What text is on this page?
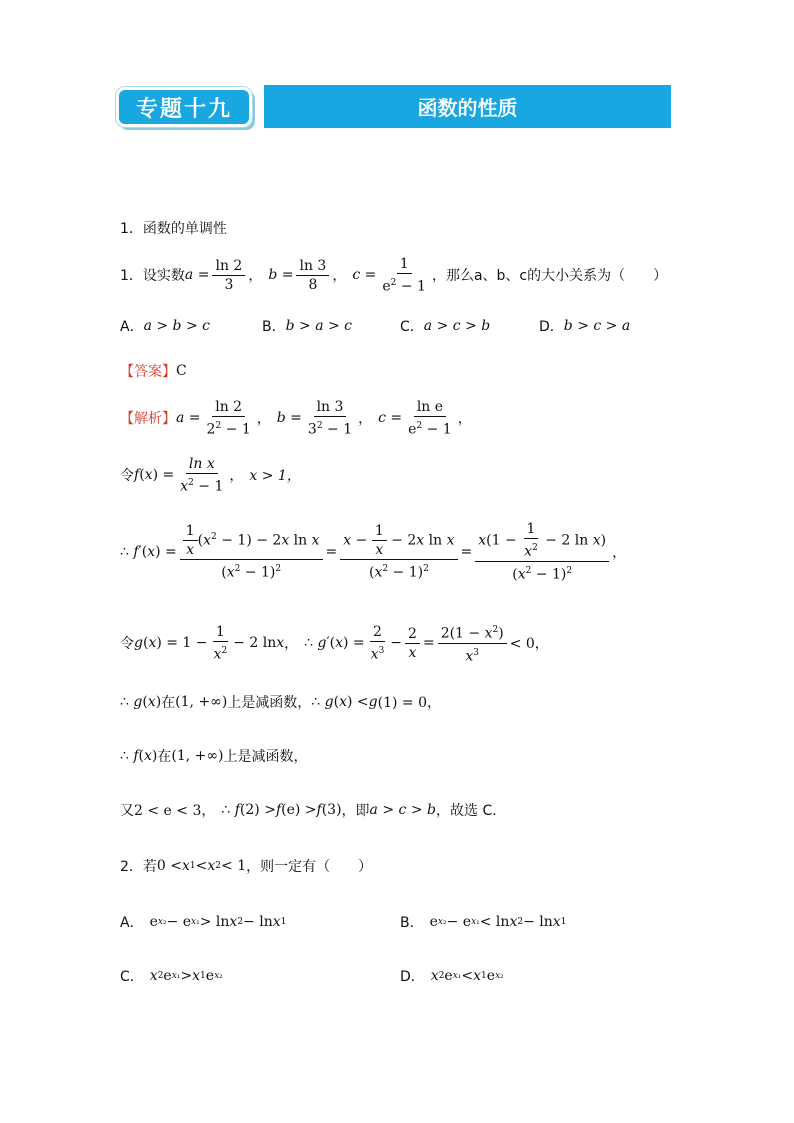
专题十九	函数的性质
1．函数的单调性
1． 设实数 $a = \frac{\ln 2}{3}$ ， $b = \frac{\ln 3}{8}$ ， $c = \frac{1}{e^2 - 1}$ ，那么a、b、c的大小关系为（　　）
A． a > b > c	B． b > a > c	C． a > c > b	D． b > c > a
【答案】 C
【解析】 $a = \frac{\ln 2}{2^2 - 1}$ ， $b = \frac{\ln 3}{3^2 - 1}$ ， $c = \frac{\text{ln e}}{e^2 - 1}$ ，
令 f ( x ) = $\frac{\text{ln x}}{x^2 - 1}$ ， x > 1，
∴ f ′( x ) = $\frac{\frac{1}{x} (x^2 - 1) - 2x \ln x}{(x^2 - 1)^2} = \frac{x - \frac{1}{x} - 2x \ln x}{(x^2 - 1)^2} = \frac{x(1 - \frac{1}{x^2} - 2 \ln x)}{(x^2 - 1)^2}$ ，
令 g ( x ) = $1 - \frac{1}{x^2} - 2$ ln x ， ∴ g ′( x ) = $\frac{2}{x^3} - \frac{2}{x} = \frac{2(1 - x^2)}{x^3} < 0$，
∴ g ( x ) 在 (1, +∞) 上是减函数， ∴ g ( x ) < g (1) = 0，
∴ f ( x ) 在 (1, +∞) 上是减函数，
又 2 < e < 3， ∴ f (2) > f (e) > f (3) ，即 a > c > b ，故选 C.
2． 若 0 < x 1 < x 2 < 1 ，则一定有（　　）
A． e x₂ − e x₁ > ln x 2 − ln x 1	B． e x₂ − e x₁ < ln x 2 − ln x 1
C． x 2 e x₁ > x 1 e x₂	D． x 2 e x₁ < x 1 e x₂
